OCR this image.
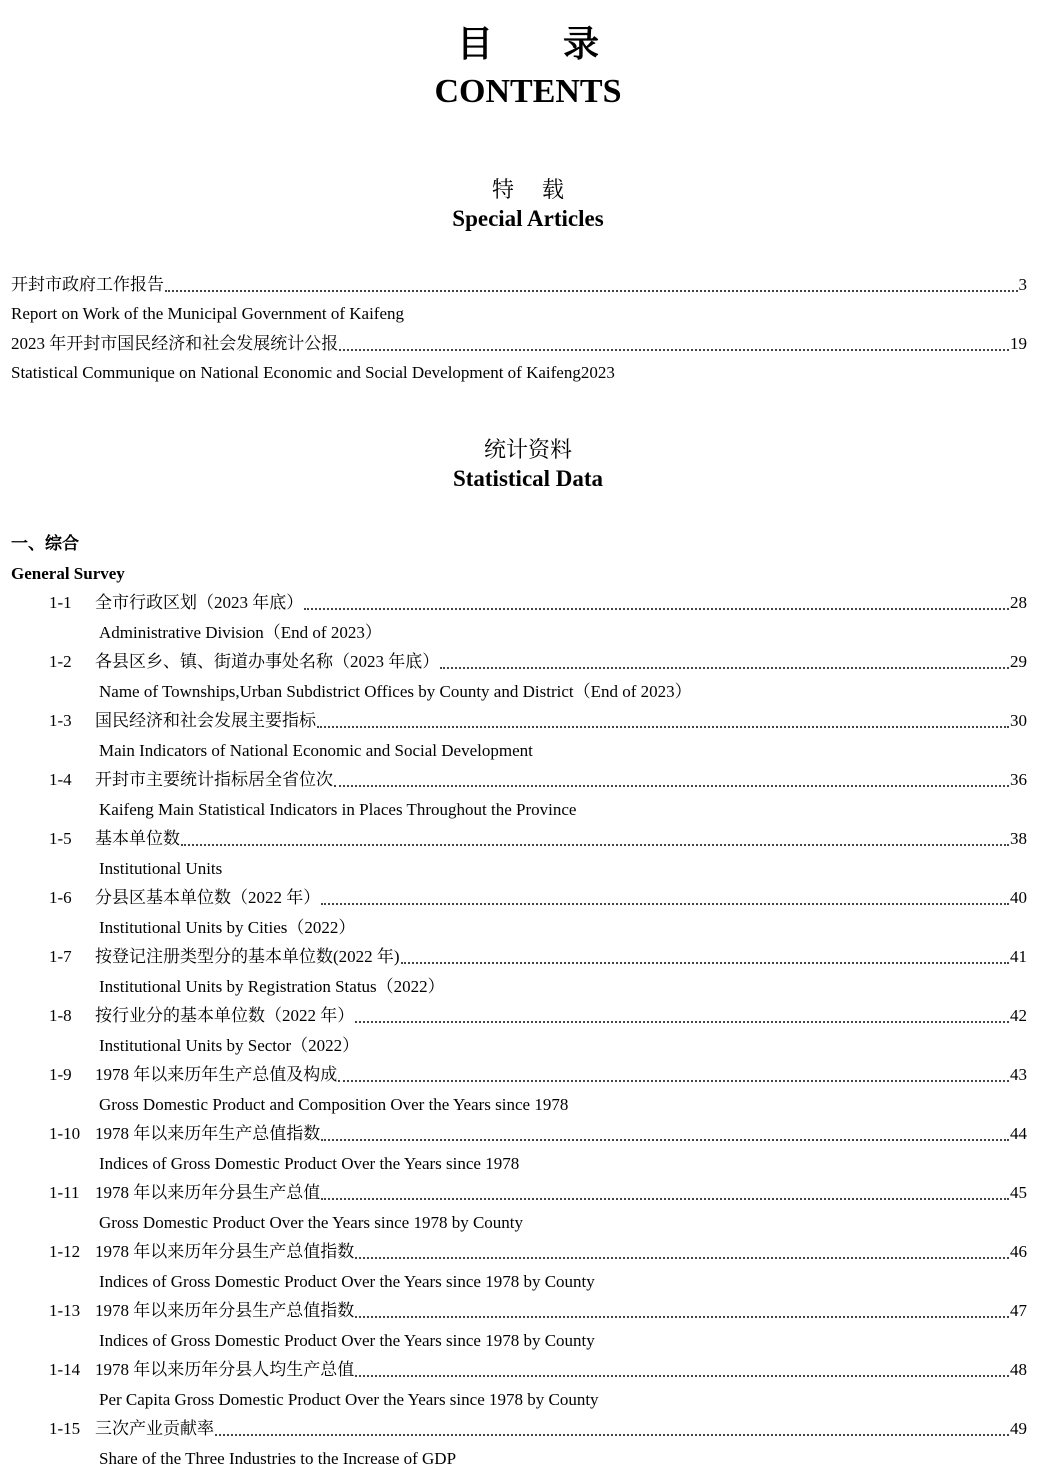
目 录
CONTENTS
特 载
Special Articles
开封市政府工作报告	3
Report on Work of the Municipal Government of Kaifeng
2023 年开封市国民经济和社会发展统计公报	19
Statistical Communique on National Economic and Social Development of Kaifeng2023
统计资料
Statistical Data
一、综合
General Survey
1-1	全市行政区划（2023 年底）	28
Administrative Division（End of 2023）
1-2	各县区乡、镇、街道办事处名称（2023 年底）	29
Name of Townships,Urban Subdistrict Offices by County and District（End of 2023）
1-3	国民经济和社会发展主要指标	30
Main Indicators of National Economic and Social Development
1-4	开封市主要统计指标居全省位次	36
Kaifeng Main Statistical Indicators in Places Throughout the Province
1-5	基本单位数	38
Institutional Units
1-6	分县区基本单位数（2022 年）	40
Institutional Units by Cities（2022）
1-7	按登记注册类型分的基本单位数(2022 年)	41
Institutional Units by Registration Status（2022）
1-8	按行业分的基本单位数（2022 年）	42
Institutional Units by Sector（2022）
1-9	1978 年以来历年生产总值及构成	43
Gross Domestic Product and Composition Over the Years since 1978
1-10 1978 年以来历年生产总值指数	44
Indices of Gross Domestic Product Over the Years since 1978
1-11 1978 年以来历年分县生产总值	45
Gross Domestic Product Over the Years since 1978 by County
1-12 1978 年以来历年分县生产总值指数	46
Indices of Gross Domestic Product Over the Years since 1978 by County
1-13 1978 年以来历年分县生产总值指数	47
Indices of Gross Domestic Product Over the Years since 1978 by County
1-14 1978 年以来历年分县人均生产总值	48
Per Capita Gross Domestic Product Over the Years since 1978 by County
1-15 三次产业贡献率	49
Share of the Three Industries to the Increase of GDP
